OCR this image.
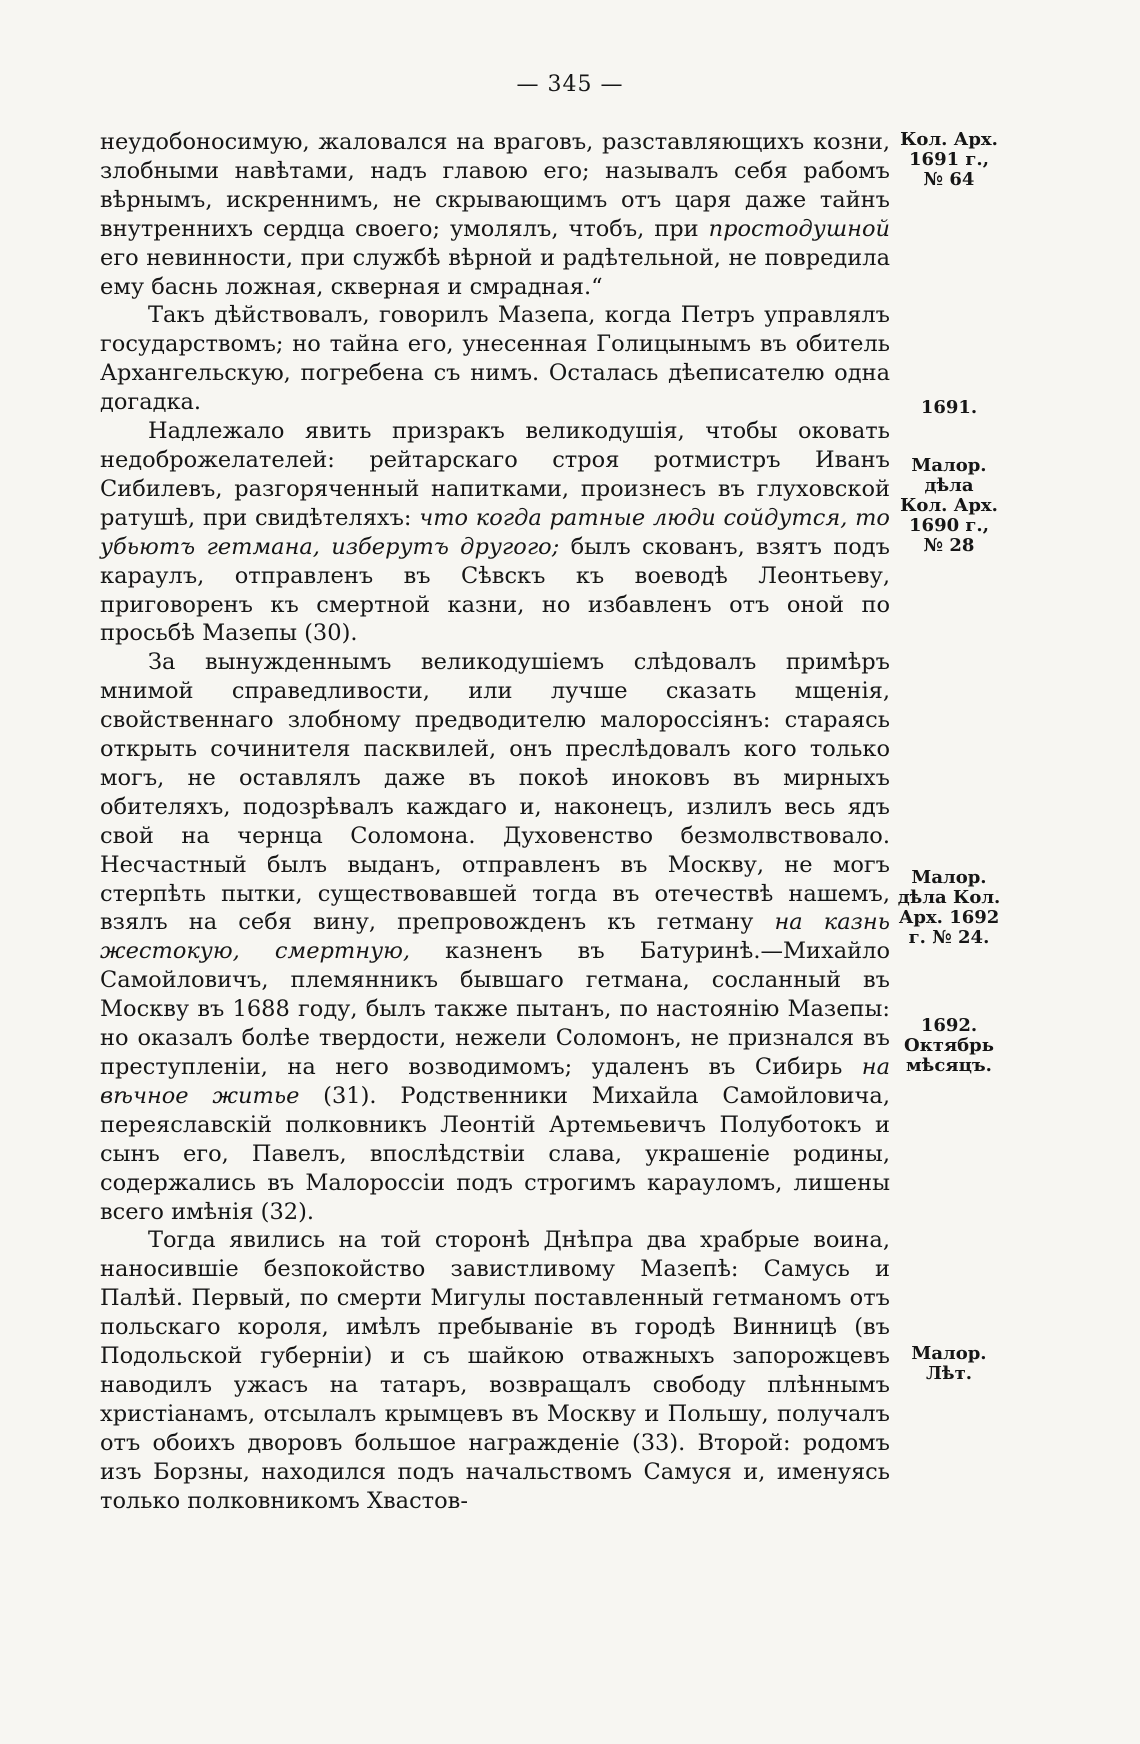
— 345 —

неудобоносимую, жаловался на враговъ, разставляющихъ козни, злобными навѣтами, надъ главою его; называлъ себя рабомъ вѣрнымъ, искреннимъ, не скрывающимъ отъ царя даже тайнъ внутреннихъ сердца своего; умолялъ, чтобъ, при простодушной его невинности, при службѣ вѣрной и радѣтельной, не повредила ему баснь ложная, скверная и смрадная.“

Такъ дѣйствовалъ, говорилъ Мазепа, когда Петръ управлялъ государствомъ; но тайна его, унесенная Голицынымъ въ обитель Архангельскую, погребена съ нимъ. Осталась дѣеписателю одна догадка.

Надлежало явить призракъ великодушія, чтобы оковать недоброжелателей: рейтарскаго строя ротмистръ Иванъ Сибилевъ, разгоряченный напитками, произнесъ въ глуховской ратушѣ, при свидѣтеляхъ: что когда ратные люди сойдутся, то убьютъ гетмана, изберутъ другого; былъ скованъ, взятъ подъ караулъ, отправленъ въ Сѣвскъ къ воеводѣ Леонтьеву, приговоренъ къ смертной казни, но избавленъ отъ оной по просьбѣ Мазепы (30).

За вынужденнымъ великодушіемъ слѣдовалъ примѣръ мнимой справедливости, или лучше сказать мщенія, свойственнаго злобному предводителю малороссіянъ: стараясь открыть сочинителя пасквилей, онъ преслѣдовалъ кого только могъ, не оставлялъ даже въ покоѣ иноковъ въ мирныхъ обителяхъ, подозрѣвалъ каждаго и, наконецъ, излилъ весь ядъ свой на чернца Соломона. Духовенство безмолвствовало. Несчастный былъ выданъ, отправленъ въ Москву, не могъ стерпѣть пытки, существовавшей тогда въ отечествѣ нашемъ, взялъ на себя вину, препровожденъ къ гетману на казнь жестокую, смертную, казненъ въ Батуринѣ.—Михайло Самойловичъ, племянникъ бывшаго гетмана, сосланный въ Москву въ 1688 году, былъ также пытанъ, по настоянію Мазепы: но оказалъ болѣе твердости, нежели Соломонъ, не признался въ преступленіи, на него возводимомъ; удаленъ въ Сибирь на вѣчное житье (31). Родственники Михайла Самойловича, переяславскій полковникъ Леонтій Артемьевичъ Полуботокъ и сынъ его, Павелъ, впослѣдствіи слава, украшеніе родины, содержались въ Малороссіи подъ строгимъ карауломъ, лишены всего имѣнія (32).

Тогда явились на той сторонѣ Днѣпра два храбрые воина, наносившіе безпокойство завистливому Мазепѣ: Самусь и Палѣй. Первый, по смерти Мигулы поставленный гетманомъ отъ польскаго короля, имѣлъ пребываніе въ городѣ Винницѣ (въ Подольской губерніи) и съ шайкою отважныхъ запорожцевъ наводилъ ужасъ на татаръ, возвращалъ свободу плѣннымъ христіанамъ, отсылалъ крымцевъ въ Москву и Польшу, получалъ отъ обоихъ дворовъ большое награжденіе (33). Второй: родомъ изъ Борзны, находился подъ начальствомъ Самуся и, именуясь только полковникомъ Хвастов-

Кол. Арх.
1691 г.,
№ 64
1691.
Малор.
дѣла
Кол. Арх.
1690 г.,
№ 28
Малор.
дѣла Кол.
Арх. 1692
г. № 24.
1692.
Октябрь
мѣсяцъ.
Малор.
Лѣт.
